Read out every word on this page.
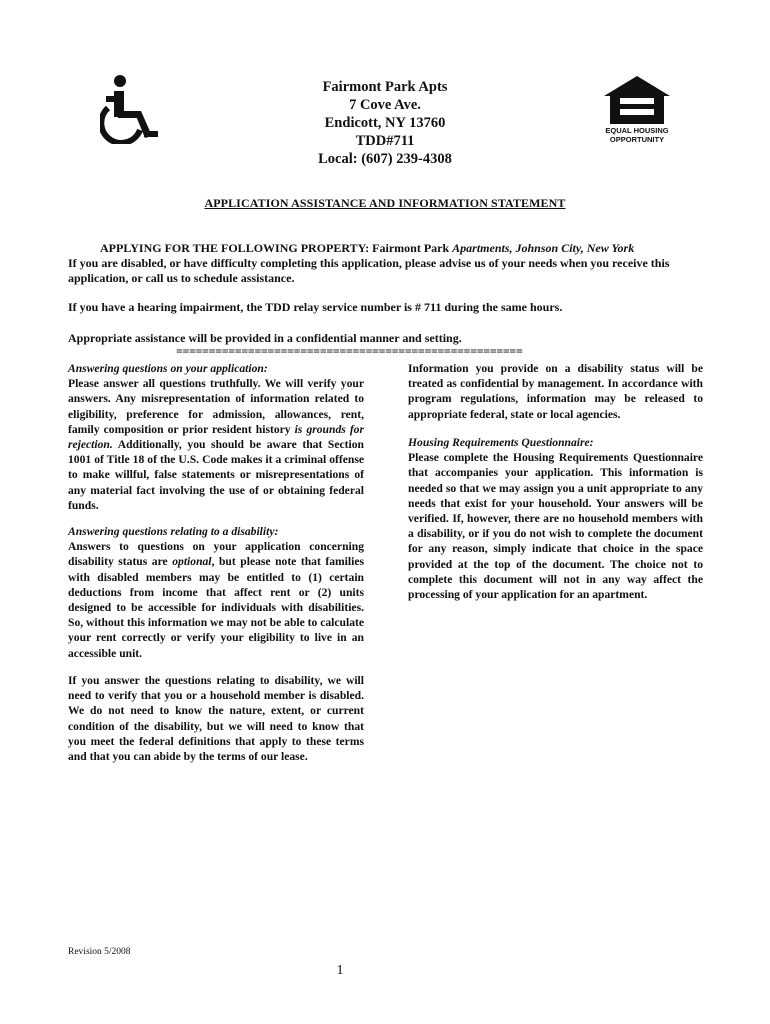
EQUAL HOUSING
OPPORTUNITY
Fairmont Park Apts
7 Cove Ave.
Endicott, NY 13760
TDD#711
Local: (607) 239-4308
APPLICATION ASSISTANCE AND INFORMATION STATEMENT
APPLYING FOR THE FOLLOWING PROPERTY: Fairmont Park Apartments, Johnson City, New York
If you are disabled, or have difficulty completing this application, please advise us of your needs when you receive this application, or call us to schedule assistance.
If you have a hearing impairment, the TDD relay service number is # 711 during the same hours.
Appropriate assistance will be provided in a confidential manner and setting.
=====================================================

Answering questions on your application:

Please answer all questions truthfully. We will verify your answers. Any misrepresentation of information related to eligibility, preference for admission, allowances, rent, family composition or prior resident history is grounds for rejection. Additionally, you should be aware that Section 1001 of Title 18 of the U.S. Code makes it a criminal offense to make willful, false statements or misrepresentations of any material fact involving the use of or obtaining federal funds.

Answering questions relating to a disability:

Answers to questions on your application concerning disability status are optional, but please note that families with disabled members may be entitled to (1) certain deductions from income that affect rent or (2) units designed to be accessible for individuals with disabilities. So, without this information we may not be able to calculate your rent correctly or verify your eligibility to live in an accessible unit.

If you answer the questions relating to disability, we will need to verify that you or a household member is disabled. We do not need to know the nature, extent, or current condition of the disability, but we will need to know that you meet the federal definitions that apply to these terms and that you can abide by the terms of our lease.

Information you provide on a disability status will be treated as confidential by management. In accordance with program regulations, information may be released to appropriate federal, state or local agencies.

Housing Requirements Questionnaire:

Please complete the Housing Requirements Questionnaire that accompanies your application. This information is needed so that we may assign you a unit appropriate to any needs that exist for your household. Your answers will be verified. If, however, there are no household members with a disability, or if you do not wish to complete the document for any reason, simply indicate that choice in the space provided at the top of the document. The choice not to complete this document will not in any way affect the processing of your application for an apartment.

Revision 5/2008
1
